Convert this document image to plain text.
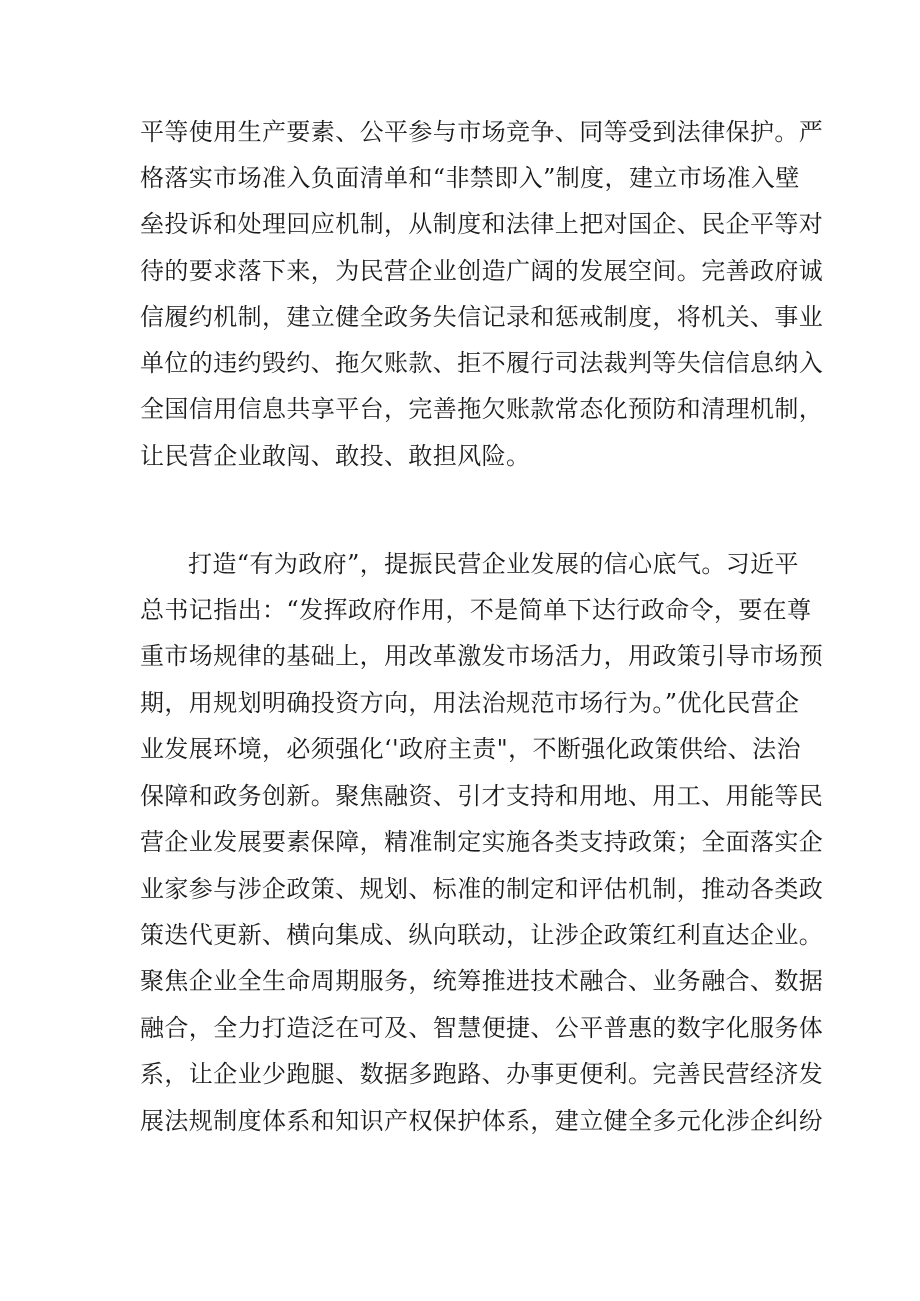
平等使用生产要素、公平参与市场竞争、同等受到法律保护。严
格落实市场准入负面清单和“非禁即入”制度，建立市场准入壁
垒投诉和处理回应机制，从制度和法律上把对国企、民企平等对
待的要求落下来，为民营企业创造广阔的发展空间。完善政府诚
信履约机制，建立健全政务失信记录和惩戒制度，将机关、事业
单位的违约毁约、拖欠账款、拒不履行司法裁判等失信信息纳入
全国信用信息共享平台，完善拖欠账款常态化预防和清理机制，
让民营企业敢闯、敢投、敢担风险。
打造“有为政府”，提振民营企业发展的信心底气。习近平
总书记指出：“发挥政府作用，不是简单下达行政命令，要在尊
重市场规律的基础上，用改革激发市场活力，用政策引导市场预
期，用规划明确投资方向，用法治规范市场行为。”优化民营企
业发展环境，必须强化‘'政府主责"，不断强化政策供给、法治
保障和政务创新。聚焦融资、引才支持和用地、用工、用能等民
营企业发展要素保障，精准制定实施各类支持政策；全面落实企
业家参与涉企政策、规划、标准的制定和评估机制，推动各类政
策迭代更新、横向集成、纵向联动，让涉企政策红利直达企业。
聚焦企业全生命周期服务，统筹推进技术融合、业务融合、数据
融合，全力打造泛在可及、智慧便捷、公平普惠的数字化服务体
系，让企业少跑腿、数据多跑路、办事更便利。完善民营经济发
展法规制度体系和知识产权保护体系，建立健全多元化涉企纠纷
